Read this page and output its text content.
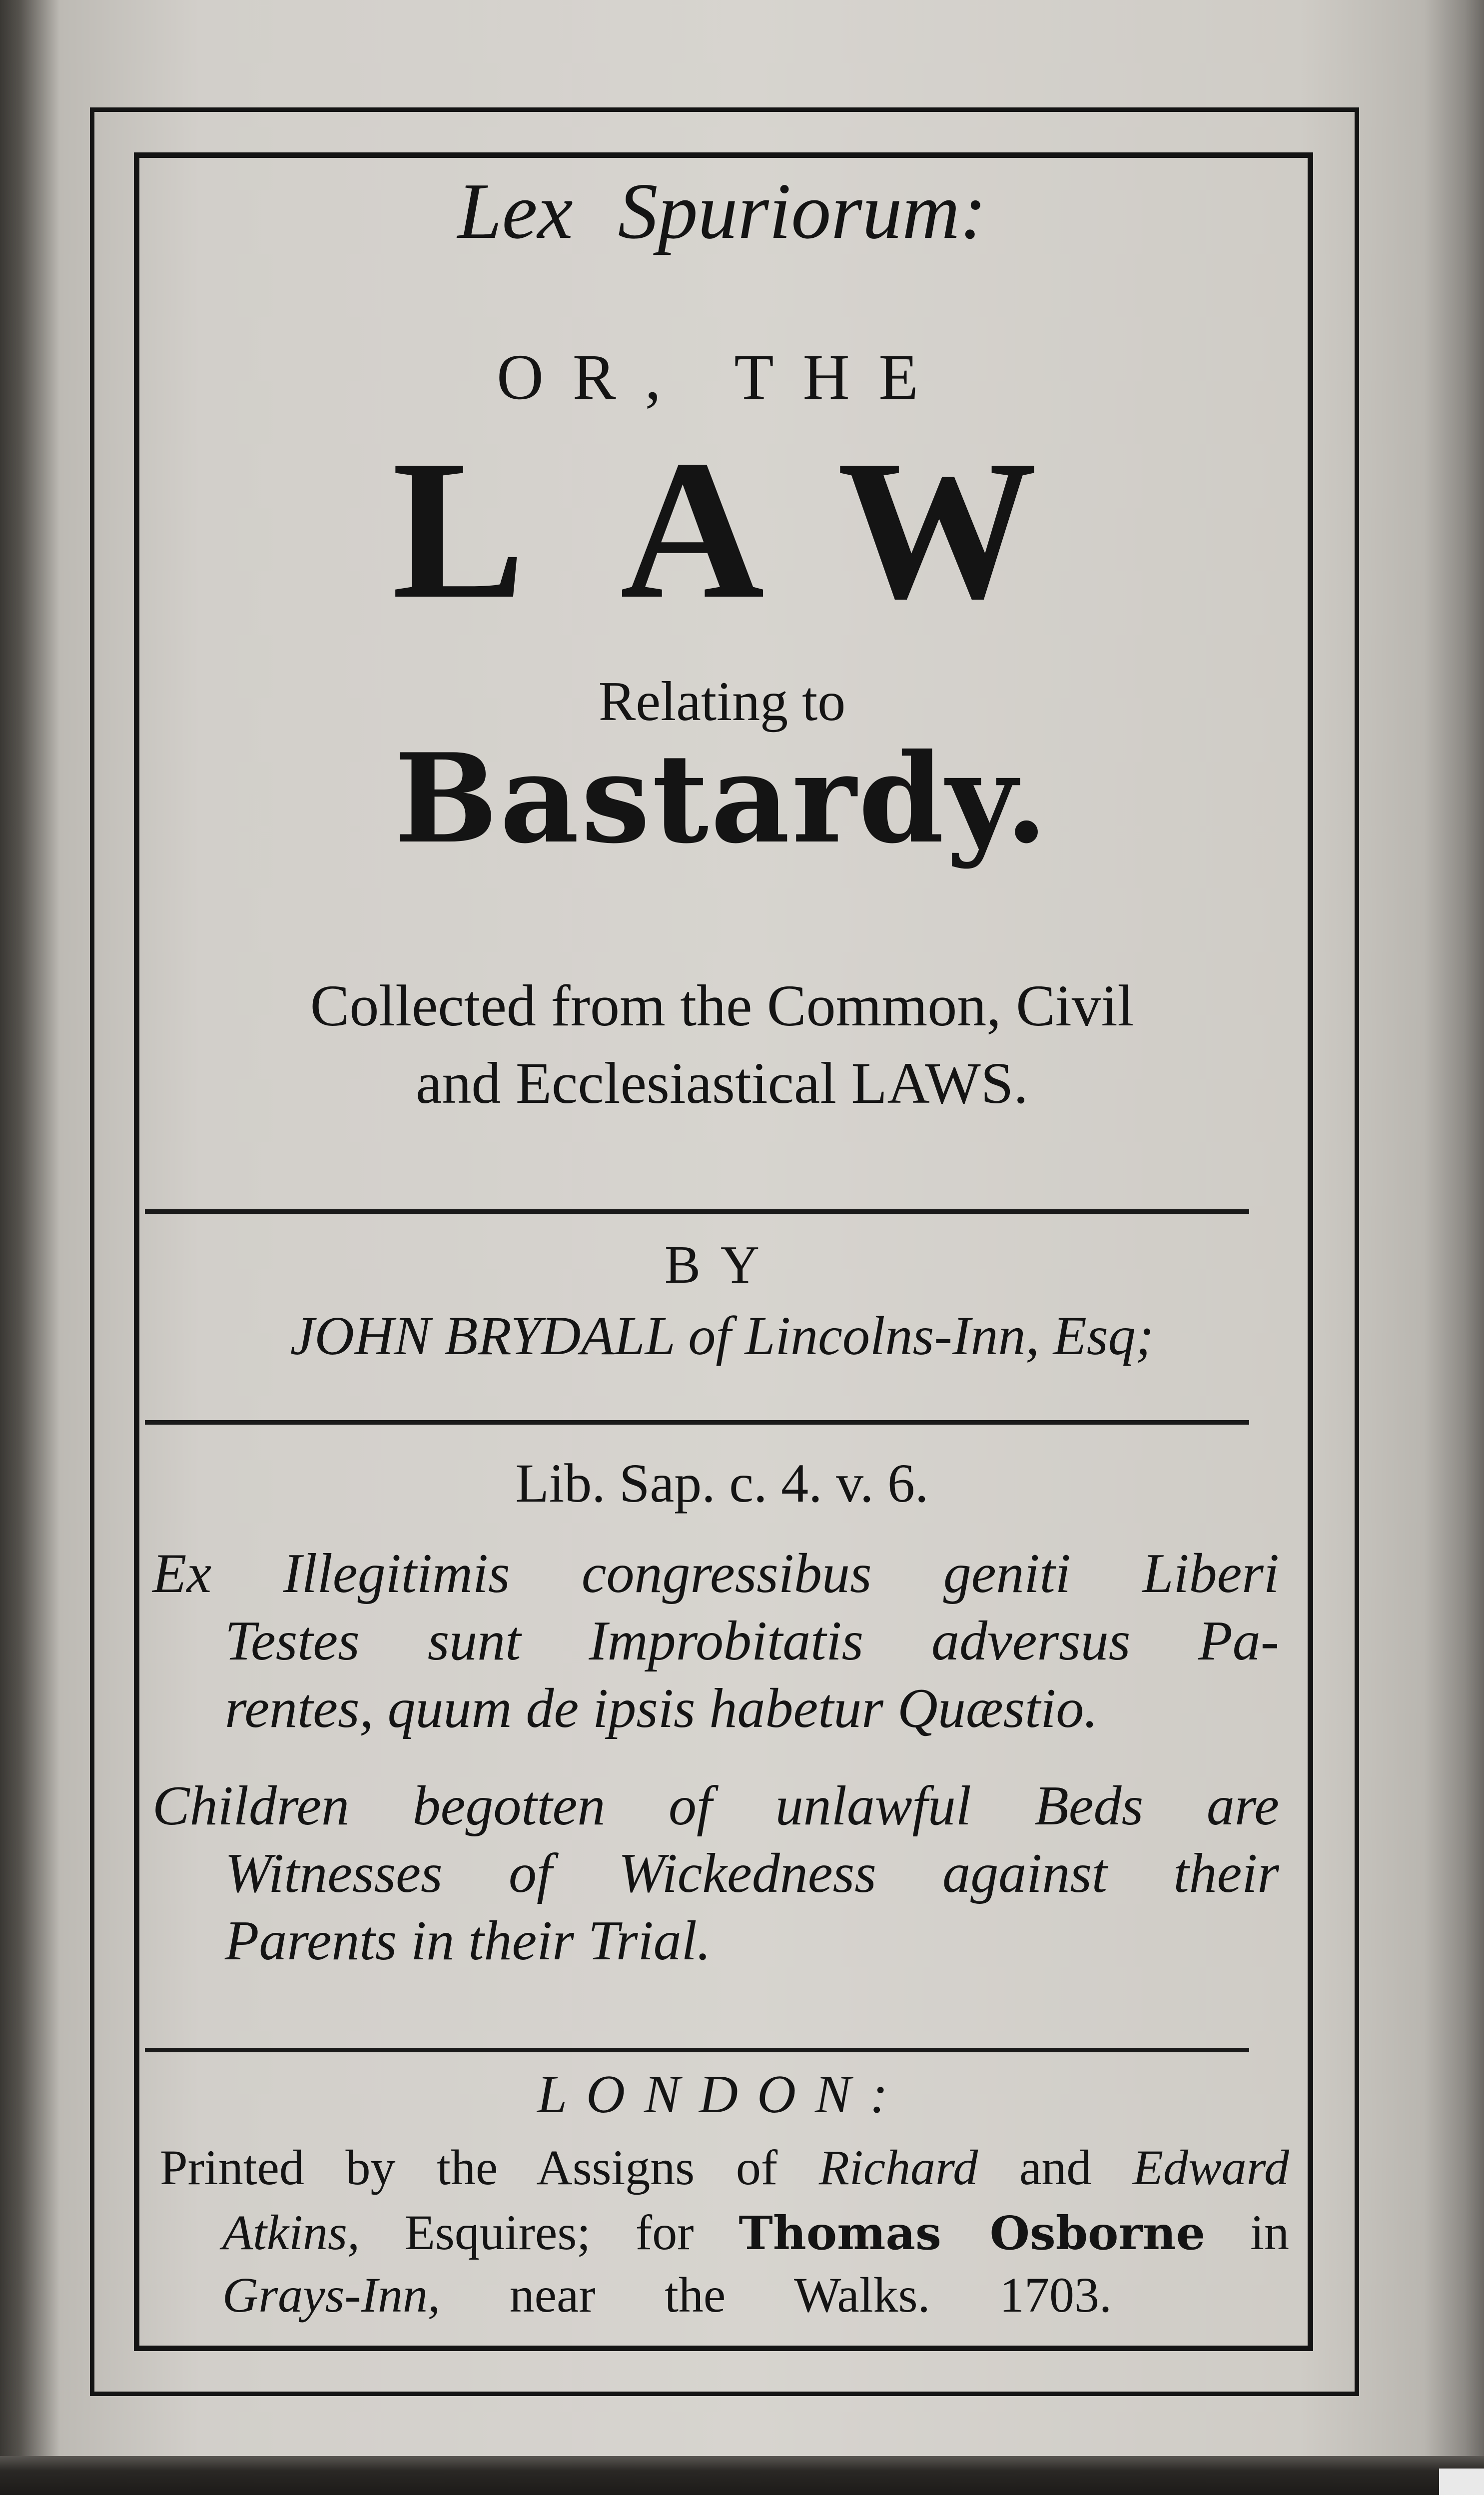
Lex Spuriorum:

OR, THE

LAW

Relating to

Bastardy.

Collected from the Common, Civil

and Ecclesiastical LAWS.

BY

JOHN BRYDALL of Lincolns-Inn, Esq;

Lib. Sap. c. 4. v. 6.

Ex Illegitimis congressibus geniti Liberi

Testes sunt Improbitatis adversus Pa-

rentes, quum de ipsis habetur Quæstio.

Children begotten of unlawful Beds are

Witnesses of Wickedness against their

Parents in their Trial.

LONDON:

Printed by the Assigns of Richard and Edward

Atkins, Esquires; for Thomas Osborne in

Grays-Inn, near the Walks. 1703.
